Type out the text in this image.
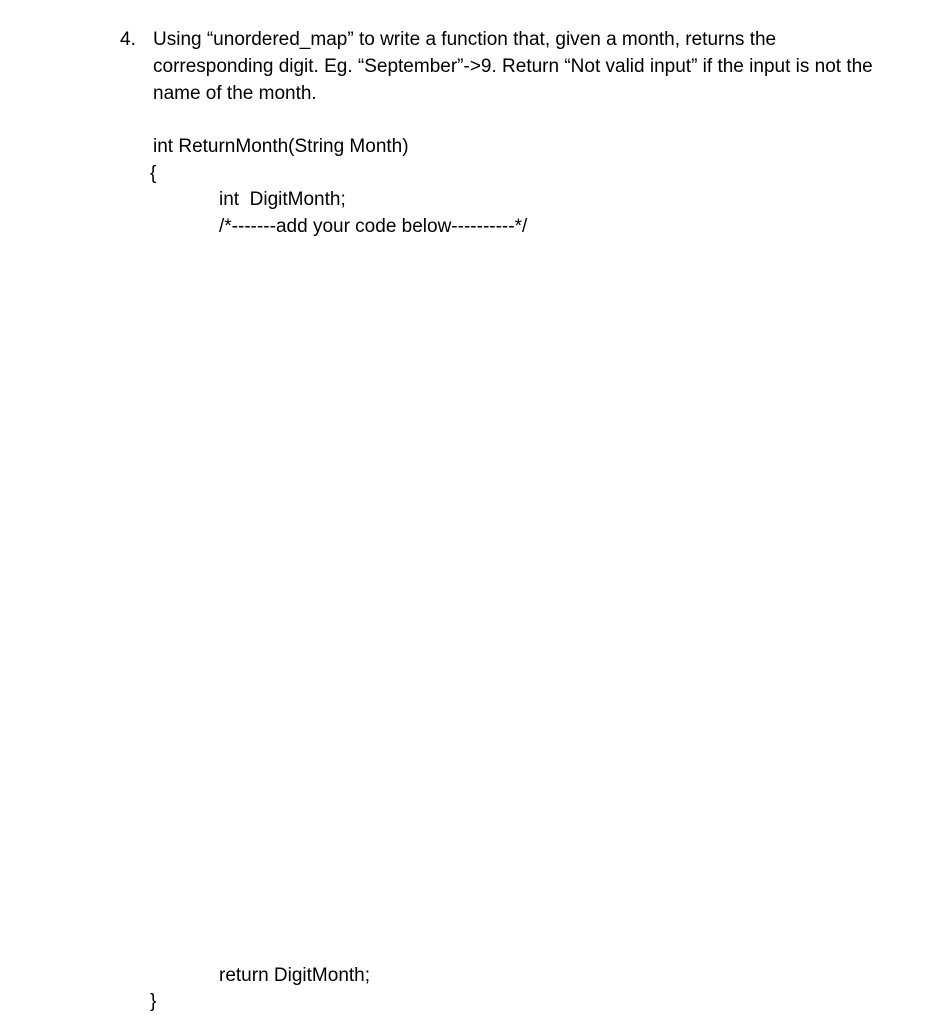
4. Using “unordered_map” to write a function that, given a month, returns the
corresponding digit. Eg. “September”->9. Return “Not valid input” if the input is not the
name of the month.
int ReturnMonth(String Month)
{
int  DigitMonth;
/*-------add your code below----------*/
return DigitMonth;
}
